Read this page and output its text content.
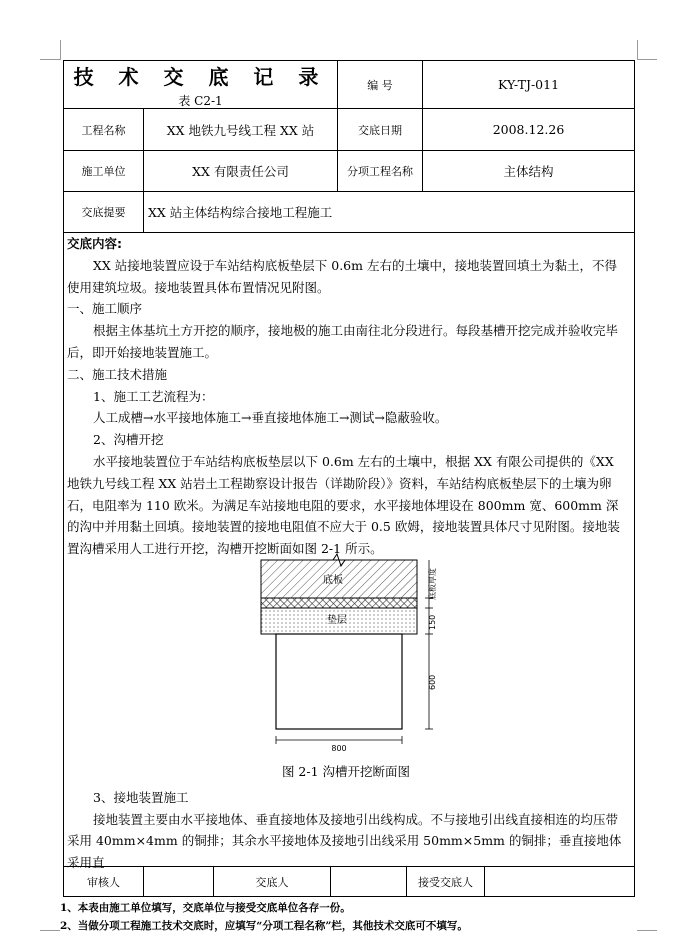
技 术 交 底 记 录
表 C2-1
编 号	KY-TJ-011
工程名称	XX 地铁九号线工程 XX 站	交底日期	2008.12.26
施工单位	XX 有限责任公司	分项工程名称	主体结构
交底提要	XX 站主体结构综合接地工程施工

交底内容:

XX 站接地装置应设于车站结构底板垫层下 0.6m 左右的土壤中，接地装置回填土为黏土，不得使用建筑垃圾。接地装置具体布置情况见附图。

一、施工顺序

根据主体基坑土方开挖的顺序，接地极的施工由南往北分段进行。每段基槽开挖完成并验收完毕后，即开始接地装置施工。

二、施工技术措施

1、施工工艺流程为：

人工成槽→水平接地体施工→垂直接地体施工→测试→隐蔽验收。

2、沟槽开挖

水平接地装置位于车站结构底板垫层以下 0.6m 左右的土壤中，根据 XX 有限公司提供的《XX 地铁九号线工程 XX 站岩土工程勘察设计报告（详勘阶段）》资料，车站结构底板垫层下的土壤为卵石，电阻率为 110 欧米。为满足车站接地电阻的要求，水平接地体埋设在 800mm 宽、600mm 深的沟中并用黏土回填。接地装置的接地电阻值不应大于 0.5 欧姆，接地装置具体尺寸见附图。接地装置沟槽采用人工进行开挖，沟槽开挖断面如图 2-1 所示。

底板
垫层
底板厚度
150
600
800

图 2-1 沟槽开挖断面图

3、接地装置施工

接地装置主要由水平接地体、垂直接地体及接地引出线构成。不与接地引出线直接相连的均压带采用 40mm×4mm 的铜排；其余水平接地体及接地引出线采用 50mm×5mm 的铜排；垂直接地体采用直

审核人	交底人	接受交底人
1、本表由施工单位填写，交底单位与接受交底单位各存一份。
2、当做分项工程施工技术交底时，应填写“分项工程名称”栏，其他技术交底可不填写。
